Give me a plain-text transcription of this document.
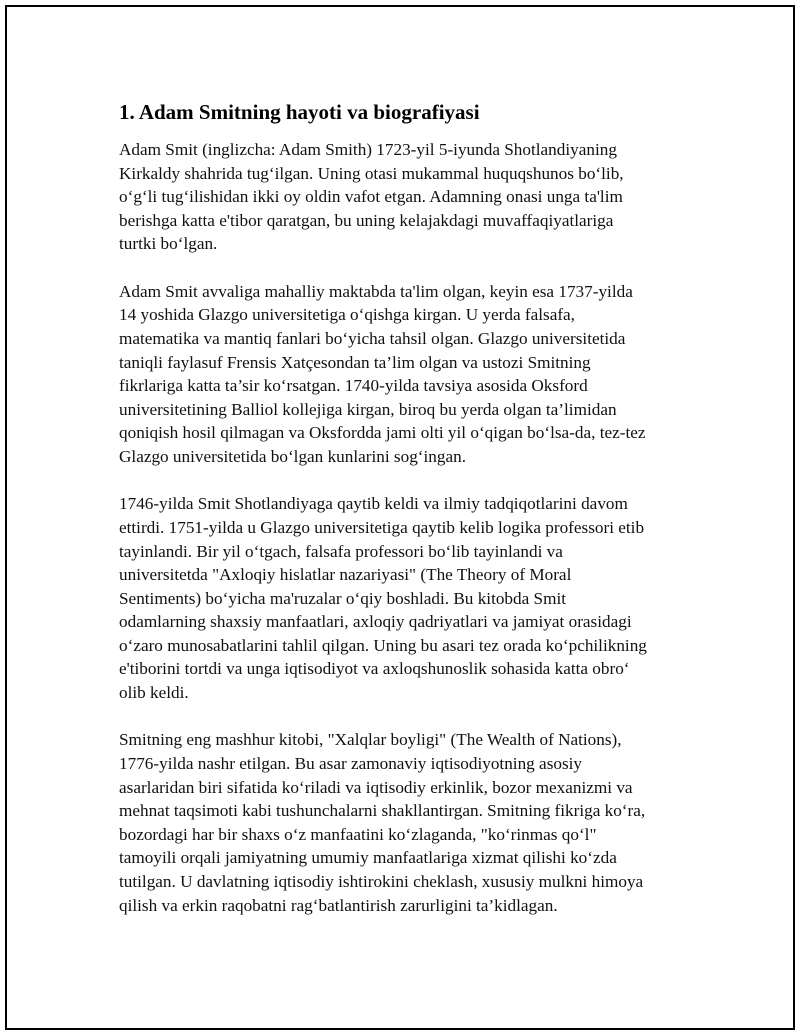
1. Adam Smitning hayoti va biografiyasi

Adam Smit (inglizcha: Adam Smith) 1723-yil 5-iyunda Shotlandiyaning
Kirkaldy shahrida tug‘ilgan. Uning otasi mukammal huquqshunos bo‘lib,
o‘g‘li tug‘ilishidan ikki oy oldin vafot etgan. Adamning onasi unga ta'lim
berishga katta e'tibor qaratgan, bu uning kelajakdagi muvaffaqiyatlariga
turtki bo‘lgan.

Adam Smit avvaliga mahalliy maktabda ta'lim olgan, keyin esa 1737-yilda
14 yoshida Glazgo universitetiga o‘qishga kirgan. U yerda falsafa,
matematika va mantiq fanlari bo‘yicha tahsil olgan. Glazgo universitetida
taniqli faylasuf Frensis Xatçesondan ta’lim olgan va ustozi Smitning
fikrlariga katta ta’sir ko‘rsatgan. 1740-yilda tavsiya asosida Oksford
universitetining Balliol kollejiga kirgan, biroq bu yerda olgan ta’limidan
qoniqish hosil qilmagan va Oksfordda jami olti yil o‘qigan bo‘lsa-da, tez-tez
Glazgo universitetida bo‘lgan kunlarini sog‘ingan.

1746-yilda Smit Shotlandiyaga qaytib keldi va ilmiy tadqiqotlarini davom
ettirdi. 1751-yilda u Glazgo universitetiga qaytib kelib logika professori etib
tayinlandi. Bir yil o‘tgach, falsafa professori bo‘lib tayinlandi va
universitetda "Axloqiy hislatlar nazariyasi" (The Theory of Moral
Sentiments) bo‘yicha ma'ruzalar o‘qiy boshladi. Bu kitobda Smit
odamlarning shaxsiy manfaatlari, axloqiy qadriyatlari va jamiyat orasidagi
o‘zaro munosabatlarini tahlil qilgan. Uning bu asari tez orada ko‘pchilikning
e'tiborini tortdi va unga iqtisodiyot va axloqshunoslik sohasida katta obro‘
olib keldi.

Smitning eng mashhur kitobi, "Xalqlar boyligi" (The Wealth of Nations),
1776-yilda nashr etilgan. Bu asar zamonaviy iqtisodiyotning asosiy
asarlaridan biri sifatida ko‘riladi va iqtisodiy erkinlik, bozor mexanizmi va
mehnat taqsimoti kabi tushunchalarni shakllantirgan. Smitning fikriga ko‘ra,
bozordagi har bir shaxs o‘z manfaatini ko‘zlaganda, "ko‘rinmas qo‘l"
tamoyili orqali jamiyatning umumiy manfaatlariga xizmat qilishi ko‘zda
tutilgan. U davlatning iqtisodiy ishtirokini cheklash, xususiy mulkni himoya
qilish va erkin raqobatni rag‘batlantirish zarurligini ta’kidlagan.
